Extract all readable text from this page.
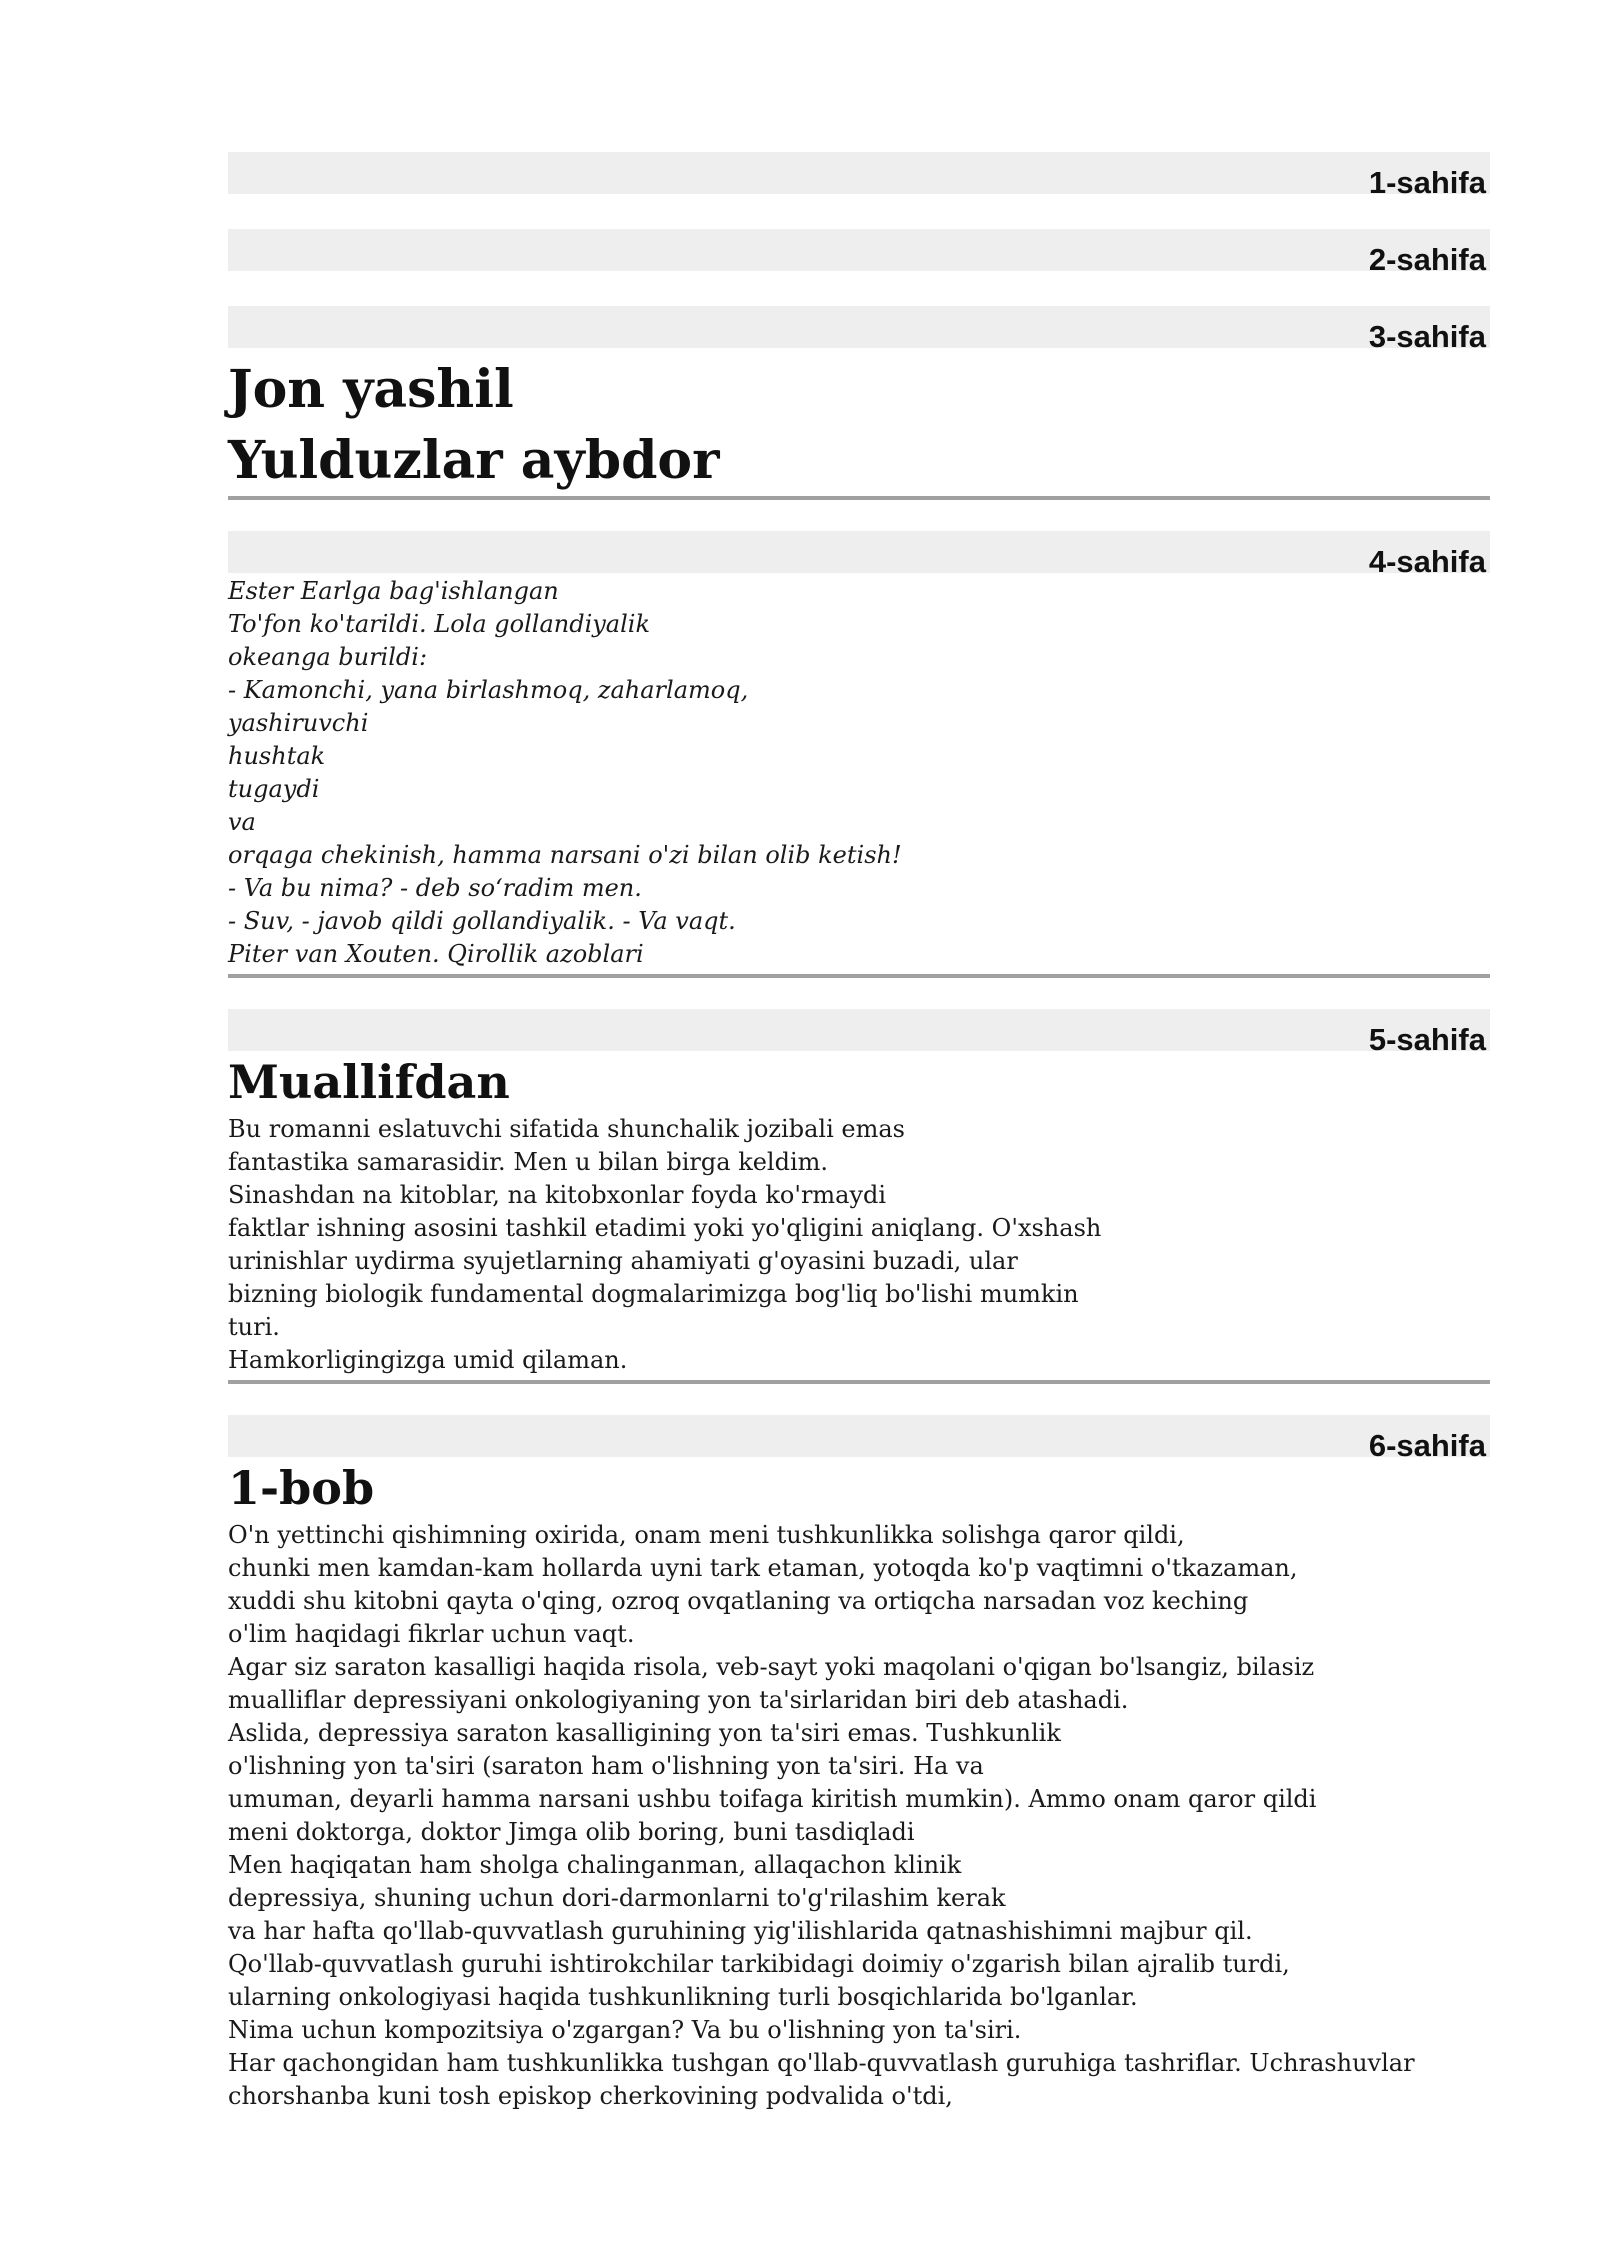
1-sahifa
2-sahifa
3-sahifa
Jon yashil
Yulduzlar aybdor
4-sahifa
Ester Earlga bag'ishlangan
To'fon ko'tarildi. Lola gollandiyalik
okeanga burildi:
- Kamonchi, yana birlashmoq, zaharlamoq,
yashiruvchi
hushtak
tugaydi
va
orqaga chekinish, hamma narsani o'zi bilan olib ketish!
- Va bu nima? - deb so‘radim men.
- Suv, - javob qildi gollandiyalik. - Va vaqt.
Piter van Xouten. Qirollik azoblari
5-sahifa
Muallifdan
Bu romanni eslatuvchi sifatida shunchalik jozibali emas
fantastika samarasidir. Men u bilan birga keldim.
Sinashdan na kitoblar, na kitobxonlar foyda ko'rmaydi
faktlar ishning asosini tashkil etadimi yoki yo'qligini aniqlang. O'xshash
urinishlar uydirma syujetlarning ahamiyati g'oyasini buzadi, ular
bizning biologik fundamental dogmalarimizga bog'liq bo'lishi mumkin
turi.
Hamkorligingizga umid qilaman.
6-sahifa
1-bob
O'n yettinchi qishimning oxirida, onam meni tushkunlikka solishga qaror qildi,
chunki men kamdan-kam hollarda uyni tark etaman, yotoqda ko'p vaqtimni o'tkazaman,
xuddi shu kitobni qayta o'qing, ozroq ovqatlaning va ortiqcha narsadan voz keching
o'lim haqidagi fikrlar uchun vaqt.
Agar siz saraton kasalligi haqida risola, veb-sayt yoki maqolani o'qigan bo'lsangiz, bilasiz
mualliflar depressiyani onkologiyaning yon ta'sirlaridan biri deb atashadi.
Aslida, depressiya saraton kasalligining yon ta'siri emas. Tushkunlik
o'lishning yon ta'siri (saraton ham o'lishning yon ta'siri. Ha va
umuman, deyarli hamma narsani ushbu toifaga kiritish mumkin). Ammo onam qaror qildi
meni doktorga, doktor Jimga olib boring, buni tasdiqladi
Men haqiqatan ham sholga chalinganman, allaqachon klinik
depressiya, shuning uchun dori-darmonlarni to'g'rilashim kerak
va har hafta qo'llab-quvvatlash guruhining yig'ilishlarida qatnashishimni majbur qil.
Qo'llab-quvvatlash guruhi ishtirokchilar tarkibidagi doimiy o'zgarish bilan ajralib turdi,
ularning onkologiyasi haqida tushkunlikning turli bosqichlarida bo'lganlar.
Nima uchun kompozitsiya o'zgargan? Va bu o'lishning yon ta'siri.
Har qachongidan ham tushkunlikka tushgan qo'llab-quvvatlash guruhiga tashriflar. Uchrashuvlar
chorshanba kuni tosh episkop cherkovining podvalida o'tdi,
